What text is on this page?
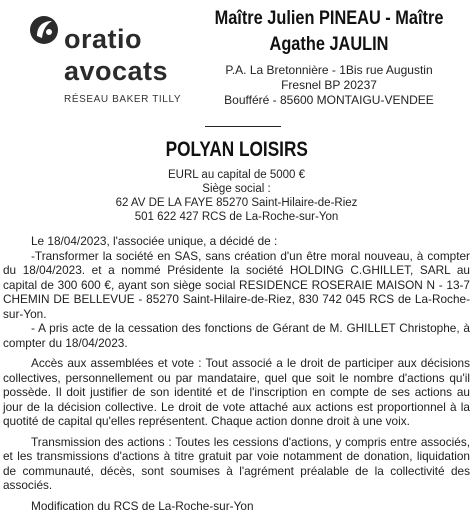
oratio
avocats
RÉSEAU BAKER TILLY
Maître Julien PINEAU - Maître
Agathe JAULIN
P.A. La Bretonnière - 1Bis rue Augustin
Fresnel BP 20237
Boufféré - 85600 MONTAIGU-VENDEE
POLYAN LOISIRS
EURL au capital de 5000 €
Siège social :
62 AV DE LA FAYE 85270 Saint-Hilaire-de-Riez
501 622 427 RCS de La-Roche-sur-Yon

Le 18/04/2023, l'associée unique, a décidé de :

-Transformer la société en SAS, sans création d'un être moral nouveau, à compter du 18/04/2023. et a nommé Présidente la société HOLDING C.GHILLET, SARL au capital de 300 600 €, ayant son siège social RESIDENCE ROSERAIE MAISON N - 13-7 CHEMIN DE BELLEVUE - 85270 Saint-Hilaire-de-Riez, 830 742 045 RCS de La-Roche-sur-Yon.

- A pris acte de la cessation des fonctions de Gérant de M. GHILLET Christophe, à compter du 18/04/2023.

Accès aux assemblées et vote : Tout associé a le droit de participer aux décisions collectives, personnellement ou par mandataire, quel que soit le nombre d'actions qu'il possède. Il doit justifier de son identité et de l'inscription en compte de ses actions au jour de la décision collective. Le droit de vote attaché aux actions est proportionnel à la quotité de capital qu'elles représentent. Chaque action donne droit à une voix.

Transmission des actions : Toutes les cessions d'actions, y compris entre associés, et les transmissions d'actions à titre gratuit par voie notamment de donation, liquidation de communauté, décès, sont soumises à l'agrément préalable de la collectivité des associés.

Modification du RCS de La-Roche-sur-Yon
